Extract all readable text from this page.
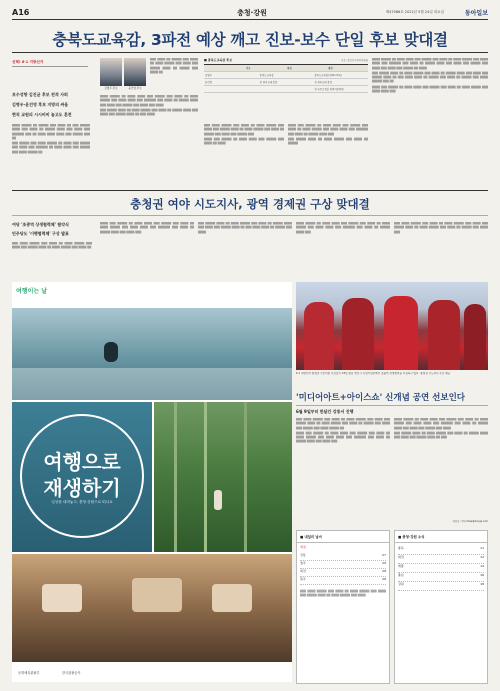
A16	충청·강원	제47086호 2022년 5월 24일 화요일	동아일보
충북도교육감, 3파전 예상 깨고 진보-보수 단일 후보 맞대결
선택! 6·1 지방선거
보수성향 김진균 후보 전격 사퇴
김병우-윤건영 후보 지방의 싸움
현직 교원의 시시비비 놓고도 혼전

▒▒▒▒ ▒▒▒▒▒ ▒▒ ▒▒▒▒▒ ▒▒▒ ▒▒▒▒ ▒▒ ▒▒▒ ▒▒▒▒▒ ▒▒▒▒ ▒▒▒ ▒▒▒▒ ▒▒ ▒▒▒▒▒ ▒▒▒▒ ▒▒▒ ▒▒▒▒ ▒▒▒ ▒▒▒▒▒▒ ▒▒▒ ▒▒ ▒▒▒▒ ▒▒▒▒ ▒▒▒▒ ▒▒▒ ▒▒▒▒▒ ▒▒▒ ▒▒

▒▒▒ ▒▒▒▒▒ ▒▒▒ ▒▒▒▒ ▒▒▒▒▒ ▒▒ ▒▒▒▒ ▒▒▒ ▒▒▒▒▒ ▒▒▒ ▒▒▒▒ ▒▒▒ ▒▒▒▒▒▒ ▒▒ ▒▒▒▒ ▒▒▒▒ ▒▒▒ ▒▒▒▒▒ ▒▒▒ ▒▒▒▒ ▒▒▒▒▒ ▒▒

김병우 후보	윤건영 후보

▒▒▒ ▒▒▒▒ ▒▒ ▒▒▒▒▒ ▒▒▒ ▒▒▒▒ ▒▒ ▒▒▒▒ ▒▒▒▒▒ ▒▒▒ ▒▒▒▒ ▒▒▒ ▒▒▒▒▒ ▒▒▒▒ ▒▒ ▒▒▒▒▒ ▒▒▒ ▒▒▒▒ ▒▒

▒▒▒▒ ▒▒▒▒▒ ▒▒ ▒▒▒▒ ▒▒▒▒ ▒▒▒ ▒▒▒▒▒ ▒▒▒ ▒▒▒▒ ▒▒ ▒▒▒▒ ▒▒▒▒▒ ▒▒▒ ▒▒▒▒ ▒▒▒▒ ▒▒▒ ▒▒▒▒▒▒ ▒▒▒ ▒▒▒▒ ▒▒ ▒▒▒▒▒ ▒▒▒▒ ▒▒▒ ▒▒▒▒ ▒▒▒ ▒▒▒▒▒ ▒▒▒ ▒▒▒▒ ▒▒▒ ▒▒▒▒

▒▒▒ ▒▒▒▒▒ ▒▒▒▒ ▒▒ ▒▒▒▒ ▒▒▒▒▒ ▒▒▒ ▒▒▒▒ ▒▒ ▒▒▒▒▒ ▒▒▒▒ ▒▒▒ ▒▒▒▒ ▒▒▒ ▒▒▒▒▒ ▒▒▒▒ ▒▒ ▒▒▒ ▒▒▒▒

■ 충북도교육감 후보	자료: 중앙선거관리위원회
기호	직업	경력
김병우	충북도교육감	충북도교육감(제16·17대)
윤건영	전 청주교대 총장	전 청주교대 총장
전 국무조정실 정책자문위원

▒▒▒ ▒▒▒▒ ▒▒▒▒▒ ▒▒▒ ▒▒▒▒ ▒▒ ▒▒▒▒ ▒▒▒▒▒ ▒▒▒ ▒▒▒▒ ▒▒▒ ▒▒▒▒▒ ▒▒▒▒ ▒▒ ▒▒▒▒ ▒▒▒▒▒ ▒▒▒ ▒▒▒▒ ▒▒ ▒▒▒▒▒ ▒▒▒ ▒▒▒▒ ▒▒▒ ▒▒▒▒▒ ▒▒▒

▒▒▒▒ ▒▒▒ ▒▒▒▒▒ ▒▒ ▒▒▒▒ ▒▒▒▒ ▒▒▒ ▒▒▒▒▒ ▒▒▒ ▒▒▒▒ ▒▒ ▒▒▒▒

▒▒▒▒ ▒▒▒ ▒▒▒▒▒ ▒▒ ▒▒▒▒ ▒▒▒▒ ▒▒▒ ▒▒▒▒▒ ▒▒▒ ▒▒▒▒ ▒▒ ▒▒▒▒ ▒▒▒▒▒ ▒▒▒ ▒▒▒▒ ▒▒▒▒ ▒▒▒ ▒▒▒▒▒▒ ▒▒▒ ▒▒▒▒ ▒▒ ▒▒▒▒▒ ▒▒▒▒ ▒▒▒

▒▒▒ ▒▒▒▒▒ ▒▒▒▒ ▒▒ ▒▒▒▒ ▒▒▒▒▒ ▒▒▒ ▒▒▒▒ ▒▒ ▒▒▒▒▒

▒▒▒▒ ▒▒▒▒▒ ▒▒ ▒▒▒▒ ▒▒▒▒ ▒▒▒ ▒▒▒▒▒ ▒▒▒ ▒▒▒▒ ▒▒ ▒▒▒▒ ▒▒▒▒▒ ▒▒▒ ▒▒▒▒ ▒▒▒▒ ▒▒▒ ▒▒▒▒▒▒ ▒▒▒ ▒▒▒▒ ▒▒ ▒▒▒▒▒ ▒▒▒▒ ▒▒▒ ▒▒▒▒ ▒▒▒ ▒▒▒▒▒ ▒▒▒ ▒▒▒▒ ▒▒▒ ▒▒▒▒ ▒▒▒ ▒▒▒▒▒ ▒▒ ▒▒▒▒

▒▒▒ ▒▒▒▒▒ ▒▒▒▒ ▒▒ ▒▒▒▒ ▒▒▒▒▒ ▒▒▒ ▒▒▒▒ ▒▒ ▒▒▒▒▒ ▒▒▒▒ ▒▒▒ ▒▒▒▒ ▒▒▒ ▒▒▒▒▒ ▒▒▒▒ ▒▒ ▒▒▒ ▒▒▒▒ ▒▒▒▒ ▒▒ ▒▒▒▒▒ ▒▒▒ ▒▒▒▒ ▒▒ ▒▒▒▒▒ ▒▒▒ ▒▒▒▒ ▒▒▒▒▒ ▒▒▒ ▒▒

▒▒▒▒ ▒▒▒ ▒▒▒▒▒ ▒▒ ▒▒▒▒ ▒▒▒▒ ▒▒▒ ▒▒▒▒▒ ▒▒▒ ▒▒▒▒ ▒▒ ▒▒▒▒ ▒▒▒▒▒ ▒▒▒ ▒▒▒▒ ▒▒▒▒ ▒▒▒

충청권 여야 시도지사, 광역 경제권 구상 맞대결
여당 '초광역 상생협력체' 협약식
민주당도 '이행협력체' 구상 발표

▒▒▒ ▒▒▒▒ ▒▒▒▒▒ ▒▒▒ ▒▒▒▒ ▒▒ ▒▒▒▒ ▒▒▒▒▒ ▒▒▒ ▒▒▒▒ ▒▒▒ ▒▒▒▒▒ ▒▒▒▒ ▒▒ ▒▒▒▒ ▒▒▒▒▒ ▒▒▒ ▒▒▒▒ ▒▒

▒▒▒▒ ▒▒▒ ▒▒▒▒▒ ▒▒ ▒▒▒▒ ▒▒▒▒ ▒▒▒ ▒▒▒▒▒ ▒▒▒ ▒▒▒▒ ▒▒ ▒▒▒▒ ▒▒▒▒▒ ▒▒▒ ▒▒▒▒ ▒▒▒▒ ▒▒▒ ▒▒▒▒▒▒ ▒▒▒ ▒▒▒▒ ▒▒ ▒▒▒▒▒ ▒▒▒▒ ▒▒▒ ▒▒▒▒ ▒▒▒

▒▒▒ ▒▒▒▒▒ ▒▒▒▒ ▒▒ ▒▒▒▒ ▒▒▒▒▒ ▒▒▒ ▒▒▒▒ ▒▒ ▒▒▒▒▒ ▒▒▒▒ ▒▒▒ ▒▒▒▒ ▒▒▒ ▒▒▒▒▒ ▒▒▒▒ ▒▒ ▒▒▒ ▒▒▒▒ ▒▒▒▒ ▒▒ ▒▒▒▒▒ ▒▒▒ ▒▒▒▒

▒▒▒▒ ▒▒▒▒▒ ▒▒ ▒▒▒▒ ▒▒▒▒ ▒▒▒ ▒▒▒▒▒ ▒▒▒ ▒▒▒▒ ▒▒ ▒▒▒▒ ▒▒▒▒▒ ▒▒▒ ▒▒▒▒ ▒▒▒▒ ▒▒▒ ▒▒▒▒▒▒ ▒▒▒ ▒▒▒▒ ▒▒ ▒▒▒▒▒ ▒▒▒▒ ▒▒▒

▒▒▒ ▒▒▒▒ ▒▒▒▒▒ ▒▒▒ ▒▒▒▒ ▒▒ ▒▒▒▒ ▒▒▒▒▒ ▒▒▒ ▒▒▒▒ ▒▒▒ ▒▒▒▒▒ ▒▒▒▒ ▒▒ ▒▒▒▒ ▒▒▒▒▒ ▒▒▒ ▒▒▒▒ ▒▒ ▒▒▒▒▒ ▒▒▒ ▒▒▒▒ ▒▒▒

6·1 지방선거 충청권 국민의힘 후보들이 23일 충남 천안시 독립기념관에서 초광역 상생협력을 다짐하고 있다. 충청권 시도지사 후보 제공
'미디어아트+아이스쇼' 신개념 공연 선보인다
6월 9일부터 한달간 강릉서 진행

▒▒▒ ▒▒▒▒ ▒▒▒▒▒ ▒▒▒ ▒▒▒▒ ▒▒ ▒▒▒▒ ▒▒▒▒▒ ▒▒▒ ▒▒▒▒ ▒▒▒ ▒▒▒▒▒ ▒▒▒▒ ▒▒ ▒▒▒▒ ▒▒▒▒▒ ▒▒▒ ▒▒▒▒ ▒▒ ▒▒▒▒▒ ▒▒▒ ▒▒▒▒ ▒▒▒ ▒▒▒▒▒ ▒▒▒ ▒▒▒▒ ▒▒▒▒▒ ▒▒

▒▒▒▒ ▒▒▒ ▒▒▒▒▒ ▒▒ ▒▒▒▒ ▒▒▒▒ ▒▒▒ ▒▒▒▒▒ ▒▒▒ ▒▒▒▒ ▒▒ ▒▒▒▒ ▒▒▒▒▒ ▒▒▒ ▒▒▒▒ ▒▒▒▒ ▒▒▒ ▒▒▒▒▒▒ ▒▒▒ ▒▒▒▒ ▒▒ ▒▒▒▒▒ ▒▒▒▒ ▒▒▒ ▒▒▒▒ ▒▒▒

▒▒▒▒ ▒▒▒▒▒ ▒▒ ▒▒▒▒ ▒▒▒▒ ▒▒▒ ▒▒▒▒▒ ▒▒▒ ▒▒▒▒ ▒▒ ▒▒▒▒ ▒▒▒▒▒ ▒▒▒ ▒▒▒▒ ▒▒▒▒ ▒▒▒ ▒▒▒▒▒▒ ▒▒▒ ▒▒▒▒ ▒▒ ▒▒▒▒▒ ▒▒▒▒ ▒▒▒ ▒▒▒▒ ▒▒▒ ▒▒▒▒▒ ▒▒▒ ▒▒▒▒

▒▒▒ ▒▒▒▒▒ ▒▒▒▒ ▒▒ ▒▒▒▒ ▒▒▒▒▒ ▒▒▒ ▒▒▒▒ ▒▒ ▒▒▒▒▒ ▒▒▒▒ ▒▒▒ ▒▒▒▒ ▒▒▒ ▒▒▒▒▒ ▒▒▒▒ ▒▒ ▒▒▒

이인모 기자 imlee@donga.com
여행이는 날
여행으로
재생하기
일상을 내려놓고, 충청·강원으로 떠나요
문화체육관광부	한국관광공사
■ 내일의 날씨
세평
강릉	27
청주	29
대전	28
원주	26

▒▒▒ ▒▒▒▒ ▒▒▒▒▒ ▒▒▒ ▒▒▒▒ ▒▒ ▒▒▒▒ ▒▒▒▒▒ ▒▒▒ ▒▒▒▒ ▒▒▒ ▒▒▒▒▒ ▒▒▒▒ ▒▒ ▒▒▒▒ ▒▒▒▒▒ ▒▒▒ ▒▒▒▒

■ 충청·강원 소식
충북	11
대전	12
세종	14
충남	16
강원	18
